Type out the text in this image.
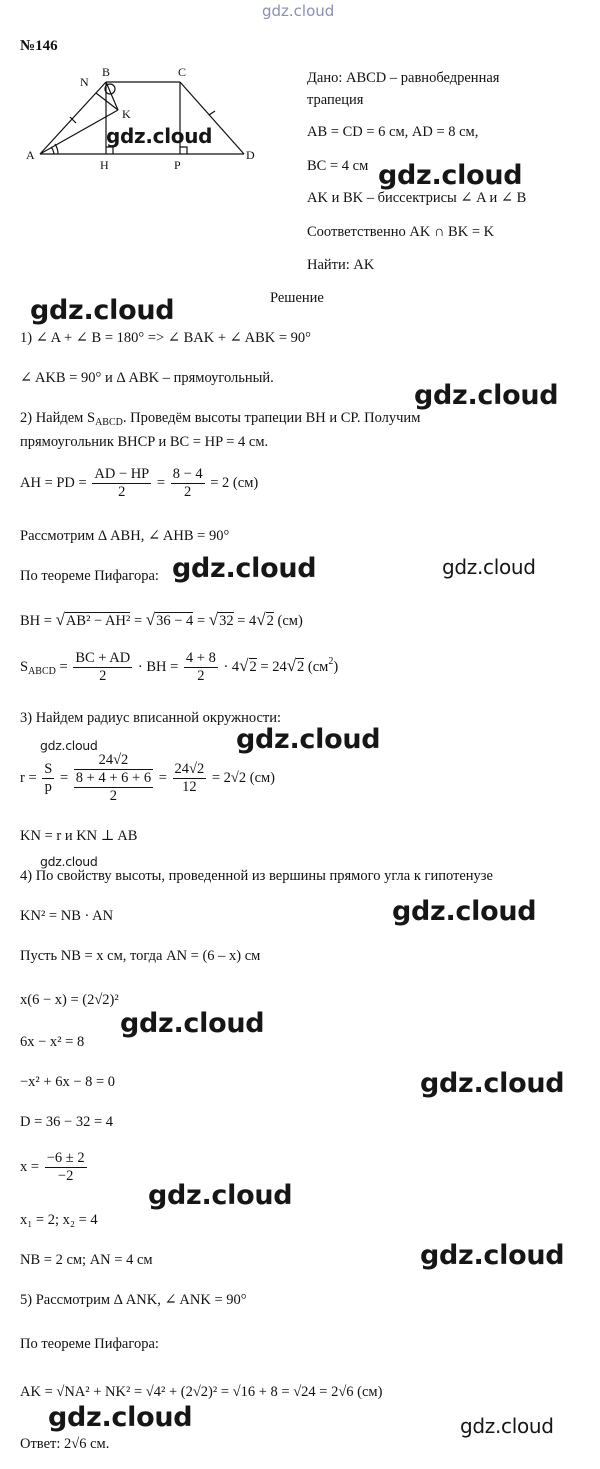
gdz.cloud
№146
N
B	C
K
A
H	P
D
Дано: ABCD – равнобедренная
трапеция
AB = CD = 6 см, AD = 8 см,
BC = 4 см
AK и BK – биссектрисы ∠ A и ∠ B
Соответственно AK ∩ BK = K
Найти: AK
Решение
1) ∠ A + ∠ B = 180° => ∠ BAK + ∠ ABK = 90°
∠ AKB = 90° и Δ ABK – прямоугольный.
2) Найдем $S_{ABCD}$. Проведём высоты трапеции BH и CP. Получим
прямоугольник BHCP и BC = HP = 4 см.
AH = PD = $\frac{AD - HP}{2} = \frac{8 - 4}{2} = 2$ (см)
Рассмотрим Δ ABH, ∠ AHB = 90°
По теореме Пифагора:
BH = √AB² − AH² = √36 − 4 = √32 = 4√2 (см)
$S_{ABCD} = \frac{BC + AD}{2}$ · BH = $\frac{4 + 8}{2} \cdot 4√2 = 24√2$ $(см^2)$
3) Найдем радиус вписанной окружности:
$r = \frac{S}{p}$ =
24√2
8 + 4 + 6 + 6
2
= $\frac{24√2}{12} = 2√2$ (см)
KN = r и KN ⊥ AB
4) По свойству высоты, проведенной из вершины прямого угла к гипотенузе
KN² = NB · AN
Пусть NB = x см, тогда AN = (6 – x) см
x(6 − x) = (2√2)²
6x − x² = 8
−x² + 6x − 8 = 0
D = 36 − 32 = 4
$x = \frac{-6 \pm 2}{-2}$
x₁ = 2; x₂ = 4
NB = 2 см; AN = 4 см
5) Рассмотрим Δ ANK, ∠ ANK = 90°
По теореме Пифагора:
AK = √NA² + NK² = √4² + (2√2)² = √16 + 8 = √24 = 2√6 (см)
Ответ: 2√6 см.
gdz.cloud
gdz.cloud
gdz.cloud
gdz.cloud
gdz.cloud	gdz.cloud
gdz.cloud	gdz.cloud
gdz.cloud
gdz.cloud
gdz.cloud
gdz.cloud
gdz.cloud
gdz.cloud
gdz.cloud	gdz.cloud
